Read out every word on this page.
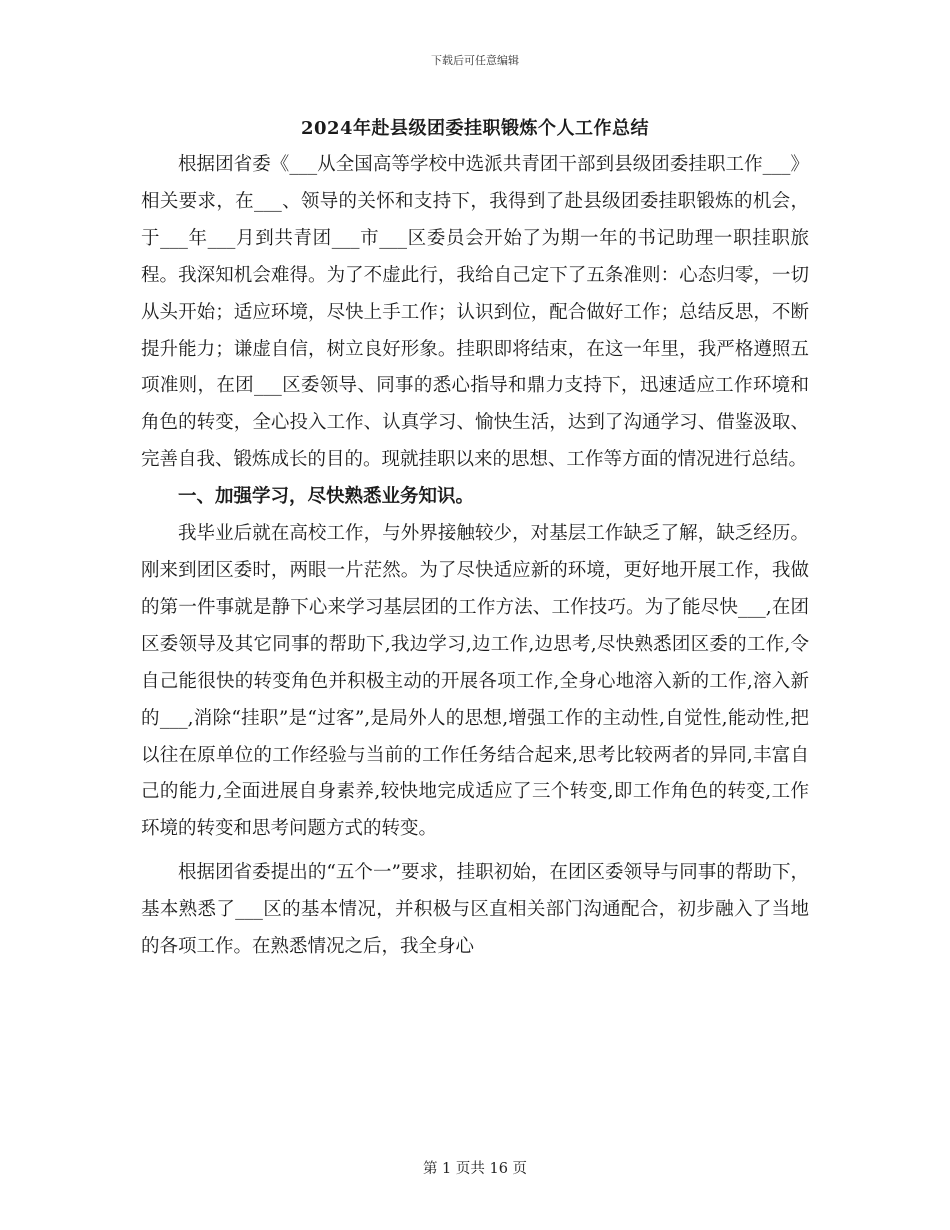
下载后可任意编辑
2024年赴县级团委挂职锻炼个人工作总结

根据团省委《___从全国高等学校中选派共青团干部到县级团委挂职工作___》相关要求，在___、领导的关怀和支持下，我得到了赴县级团委挂职锻炼的机会，于___年___月到共青团___市___区委员会开始了为期一年的书记助理一职挂职旅程。我深知机会难得。为了不虚此行，我给自己定下了五条准则：心态归零，一切从头开始；适应环境，尽快上手工作；认识到位，配合做好工作；总结反思，不断提升能力；谦虚自信，树立良好形象。挂职即将结束，在这一年里，我严格遵照五项准则，在团___区委领导、同事的悉心指导和鼎力支持下，迅速适应工作环境和角色的转变，全心投入工作、认真学习、愉快生活，达到了沟通学习、借鉴汲取、完善自我、锻炼成长的目的。现就挂职以来的思想、工作等方面的情况进行总结。

一、加强学习，尽快熟悉业务知识。

我毕业后就在高校工作，与外界接触较少，对基层工作缺乏了解，缺乏经历。刚来到团区委时，两眼一片茫然。为了尽快适应新的环境，更好地开展工作，我做的第一件事就是静下心来学习基层团的工作方法、工作技巧。为了能尽快___,在团区委领导及其它同事的帮助下,我边学习,边工作,边思考,尽快熟悉团区委的工作,令自己能很快的转变角色并积极主动的开展各项工作,全身心地溶入新的工作,溶入新的___,消除“挂职”是“过客”,是局外人的思想,增强工作的主动性,自觉性,能动性,把以往在原单位的工作经验与当前的工作任务结合起来,思考比较两者的异同,丰富自己的能力,全面进展自身素养,较快地完成适应了三个转变,即工作角色的转变,工作环境的转变和思考问题方式的转变。

根据团省委提出的“五个一”要求，挂职初始，在团区委领导与同事的帮助下，基本熟悉了___区的基本情况，并积极与区直相关部门沟通配合，初步融入了当地的各项工作。在熟悉情况之后，我全身心

第 1 页共 16 页
